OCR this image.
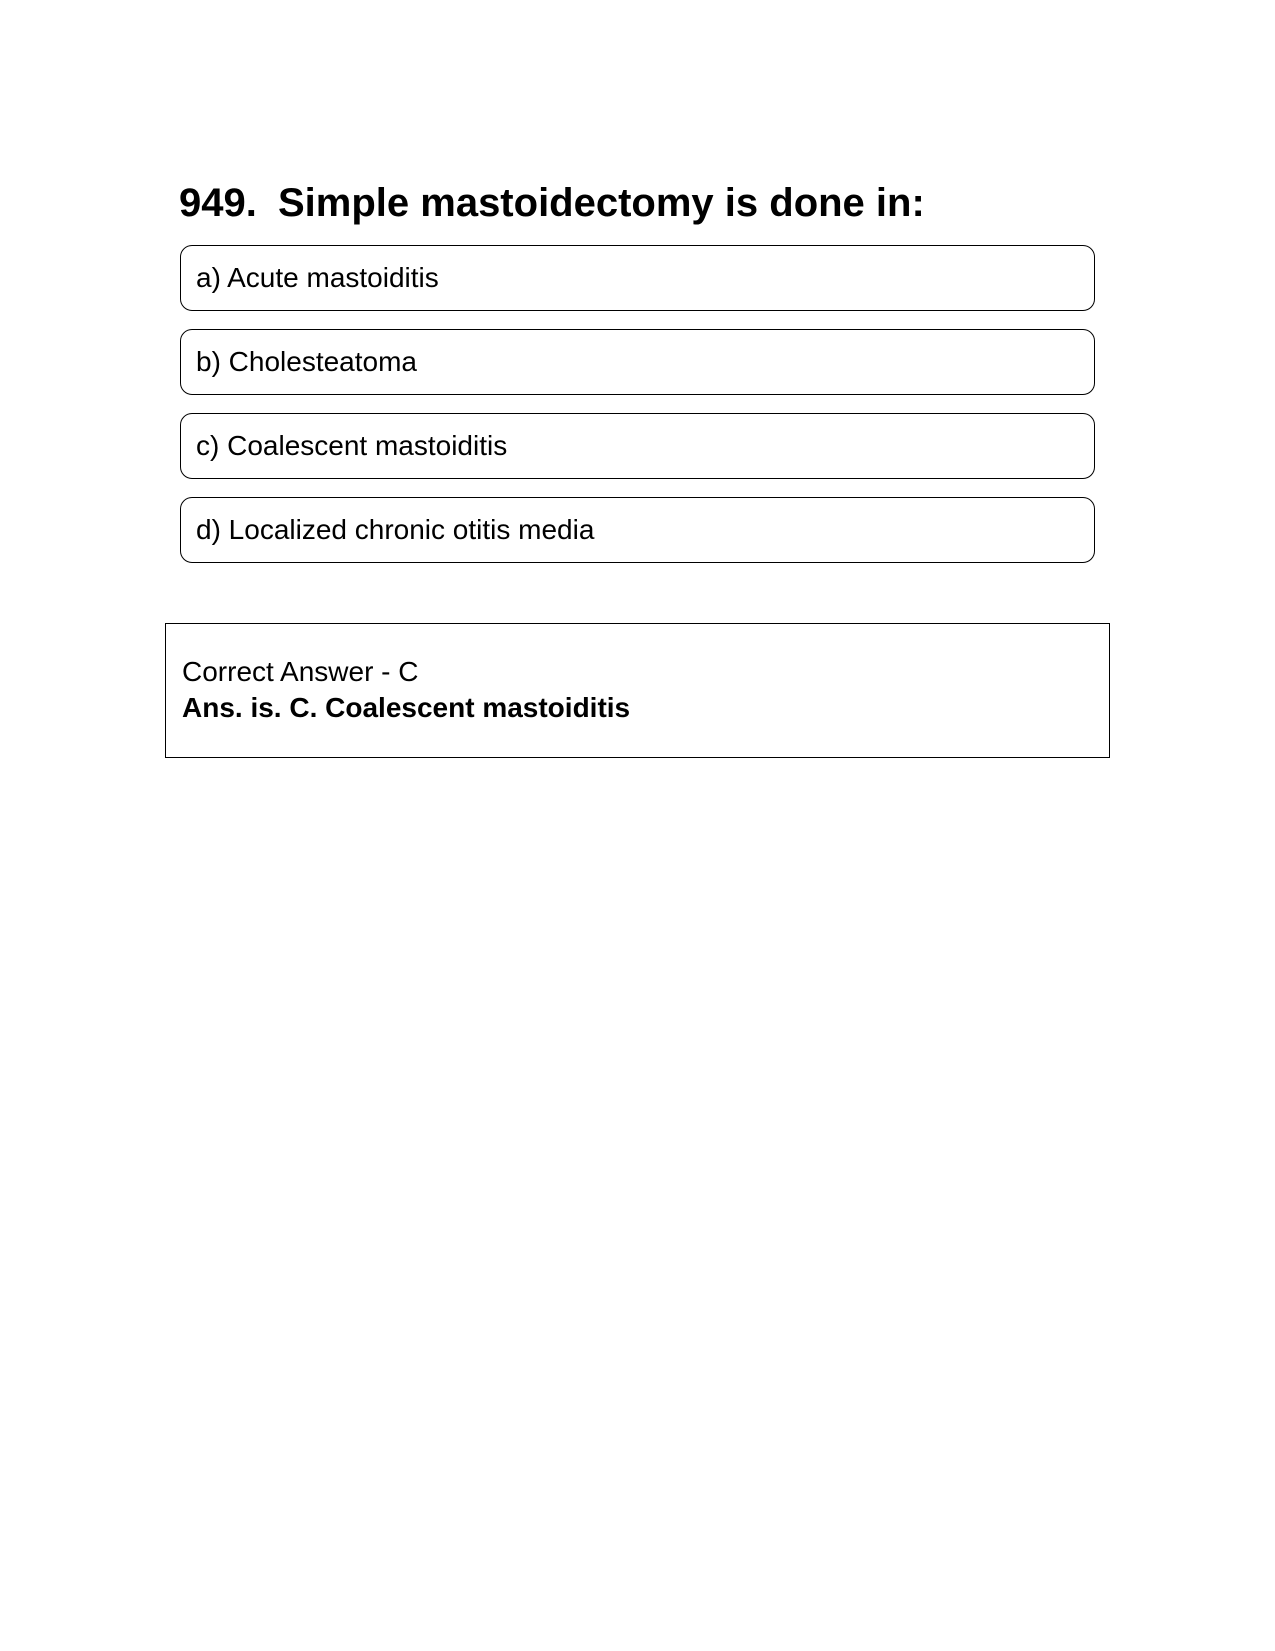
949. Simple mastoidectomy is done in:
a) Acute mastoiditis
b) Cholesteatoma
c) Coalescent mastoiditis
d) Localized chronic otitis media
Correct Answer - C
Ans. is. C. Coalescent mastoiditis
